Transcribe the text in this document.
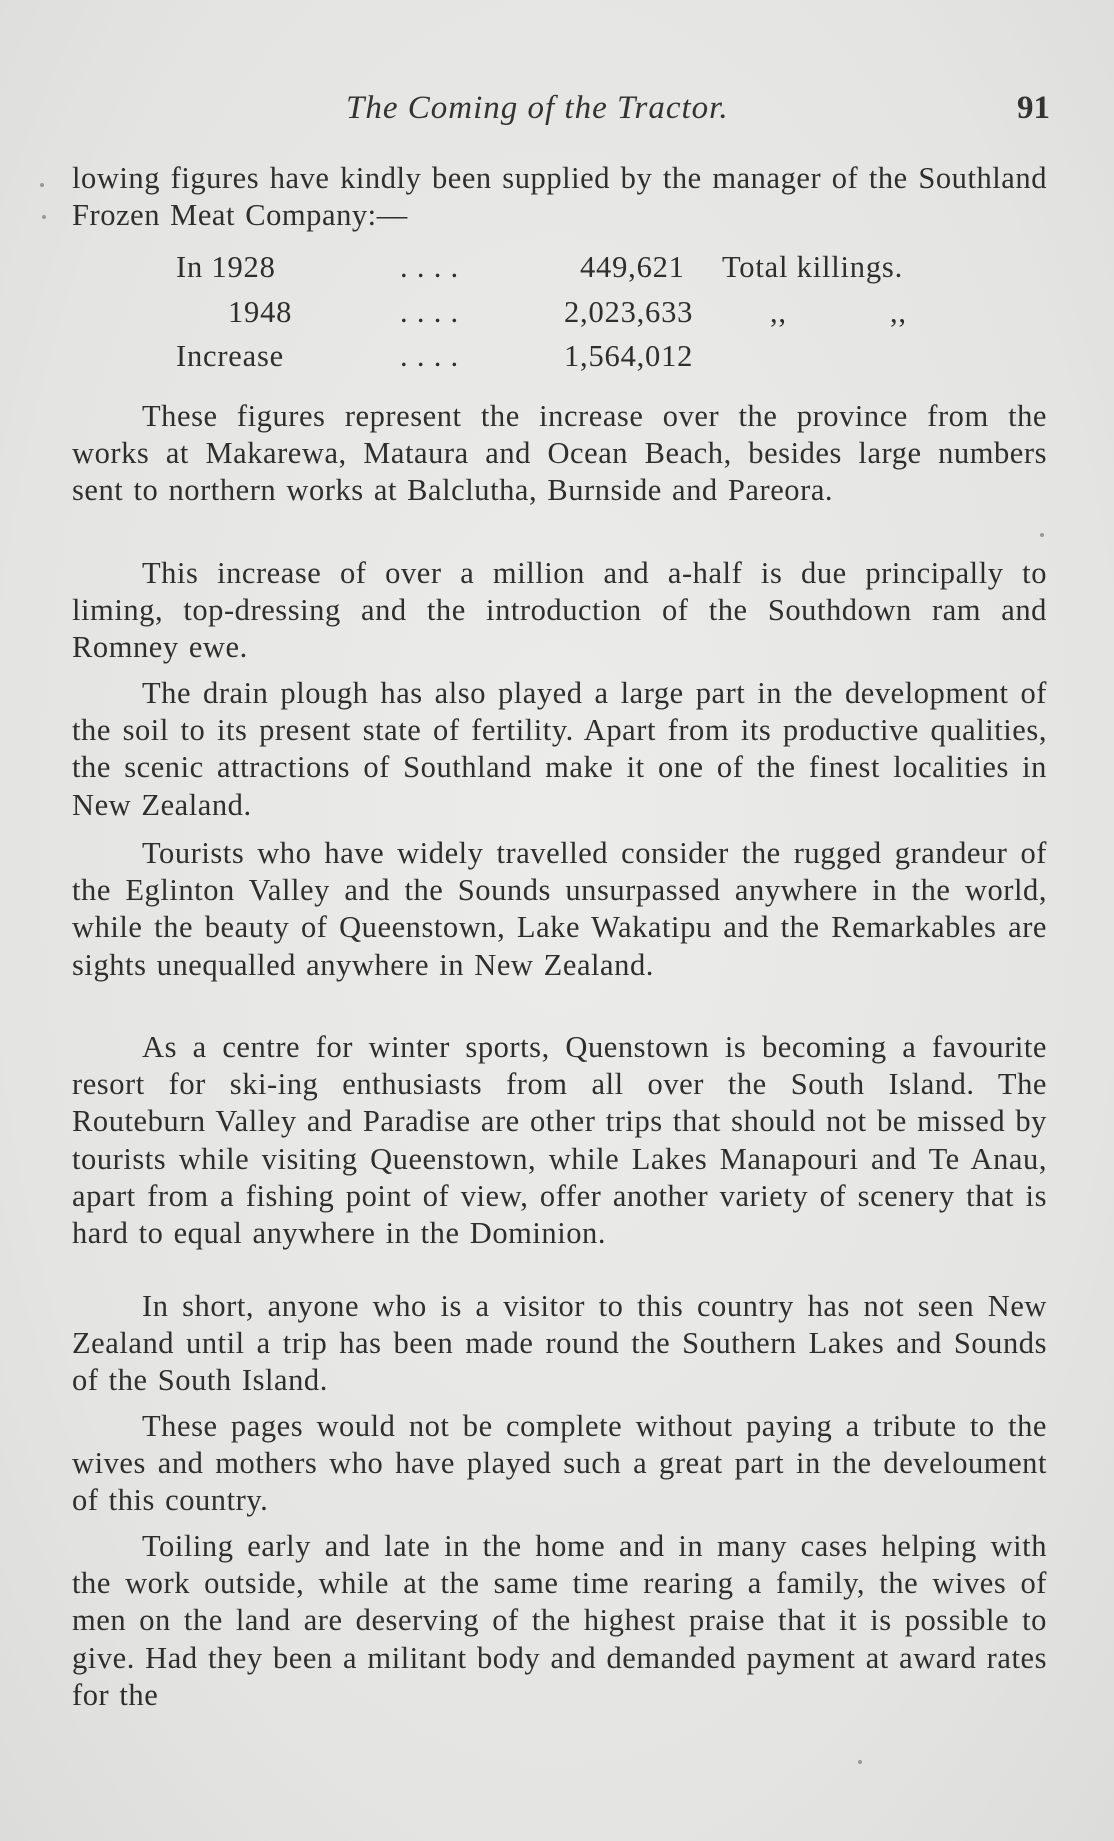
The Coming of the Tractor.	91

lowing figures have kindly been supplied by the manager of the Southland Frozen Meat Company:—

In 1928	. . . .	449,621 Total killings.
1948	. . . .	2,023,633	,,	,,
Increase	. . . .	1,564,012

These figures represent the increase over the province from the works at Makarewa, Mataura and Ocean Beach, besides large numbers sent to northern works at Balclutha, Burnside and Pareora.

This increase of over a million and a-half is due principally to liming, top-dressing and the introduction of the Southdown ram and Romney ewe.

The drain plough has also played a large part in the development of the soil to its present state of fertility. Apart from its productive qualities, the scenic attractions of Southland make it one of the finest localities in New Zealand.

Tourists who have widely travelled consider the rugged grandeur of the Eglinton Valley and the Sounds unsurpassed anywhere in the world, while the beauty of Queenstown, Lake Wakatipu and the Remarkables are sights unequalled anywhere in New Zealand.

As a centre for winter sports, Quenstown is becoming a favourite resort for ski-ing enthusiasts from all over the South Island. The Routeburn Valley and Paradise are other trips that should not be missed by tourists while visiting Queenstown, while Lakes Manapouri and Te Anau, apart from a fishing point of view, offer another variety of scenery that is hard to equal anywhere in the Dominion.

In short, anyone who is a visitor to this country has not seen New Zealand until a trip has been made round the Southern Lakes and Sounds of the South Island.

These pages would not be complete without paying a tribute to the wives and mothers who have played such a great part in the develoument of this country.

Toiling early and late in the home and in many cases helping with the work outside, while at the same time rearing a family, the wives of men on the land are deserving of the highest praise that it is possible to give. Had they been a militant body and demanded payment at award rates for the
